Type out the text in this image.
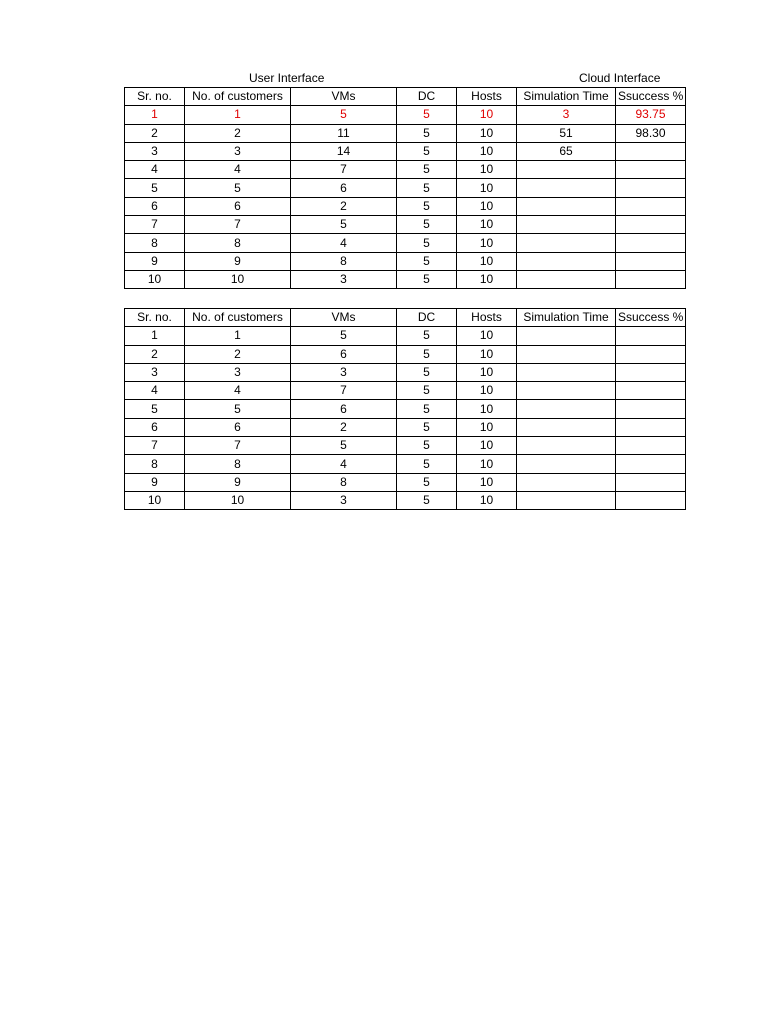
User Interface	Cloud Interface
Sr. no.	No. of customers	VMs	DC	Hosts	Simulation Time	Ssuccess %
1	1	5	5	10	3	93.75
2	2	11	5	10	51	98.30
3	3	14	5	10	65	
4	4	7	5	10		
5	5	6	5	10		
6	6	2	5	10		
7	7	5	5	10		
8	8	4	5	10		
9	9	8	5	10		
10	10	3	5	10		
Sr. no.	No. of customers	VMs	DC	Hosts	Simulation Time	Ssuccess %
1	1	5	5	10		
2	2	6	5	10		
3	3	3	5	10		
4	4	7	5	10		
5	5	6	5	10		
6	6	2	5	10		
7	7	5	5	10		
8	8	4	5	10		
9	9	8	5	10		
10	10	3	5	10		
